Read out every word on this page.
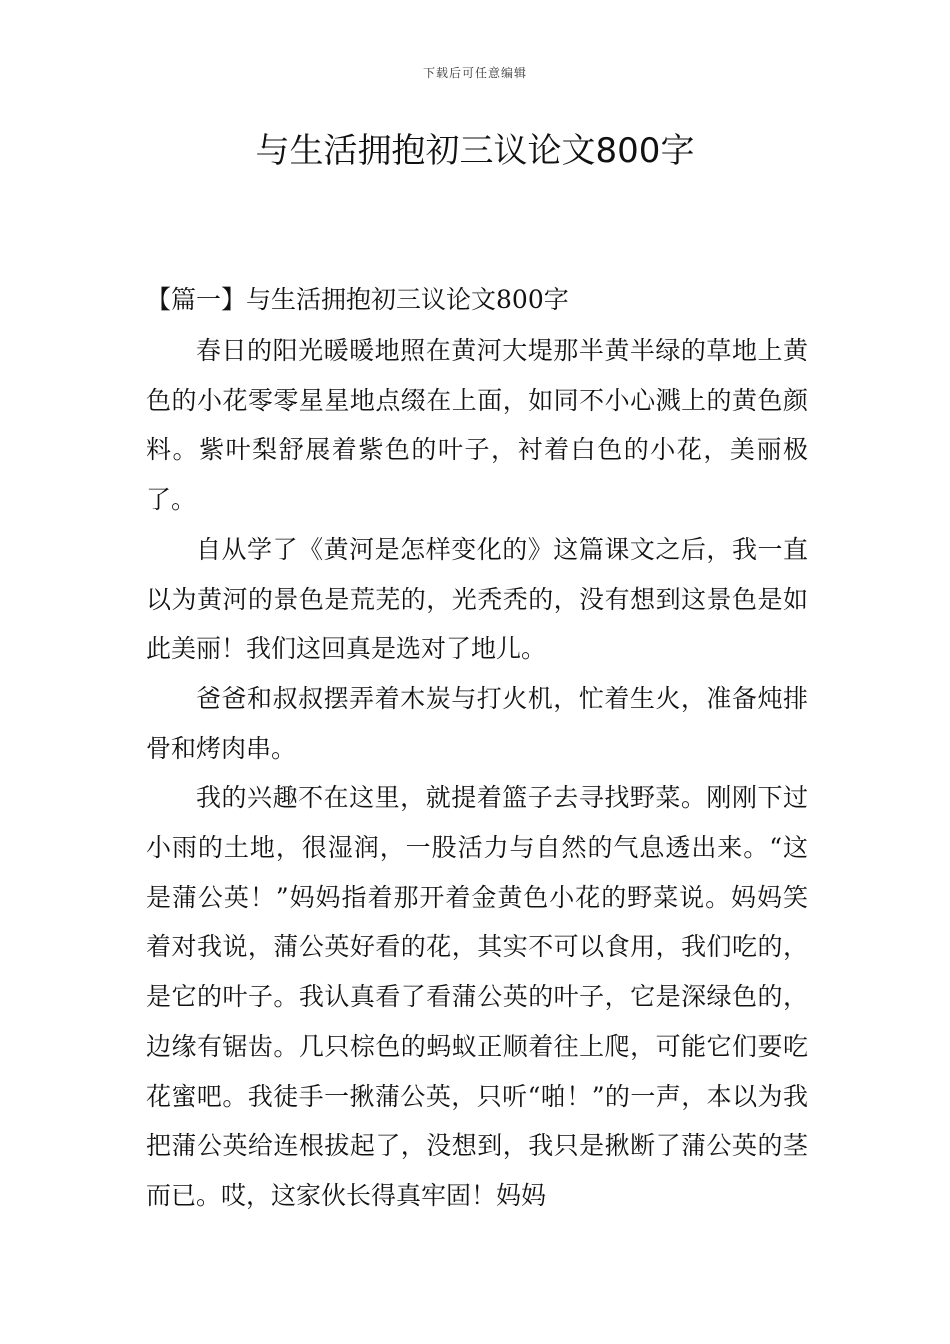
下载后可任意编辑
与生活拥抱初三议论文800字
【篇一】与生活拥抱初三议论文800字

春日的阳光暖暖地照在黄河大堤那半黄半绿的草地上黄色的小花零零星星地点缀在上面，如同不小心溅上的黄色颜料。紫叶梨舒展着紫色的叶子，衬着白色的小花，美丽极了。

自从学了《黄河是怎样变化的》这篇课文之后，我一直以为黄河的景色是荒芜的，光秃秃的，没有想到这景色是如此美丽！我们这回真是选对了地儿。

爸爸和叔叔摆弄着木炭与打火机，忙着生火，准备炖排骨和烤肉串。

我的兴趣不在这里，就提着篮子去寻找野菜。刚刚下过小雨的土地，很湿润，一股活力与自然的气息透出来。“这是蒲公英！”妈妈指着那开着金黄色小花的野菜说。妈妈笑着对我说，蒲公英好看的花，其实不可以食用，我们吃的，是它的叶子。我认真看了看蒲公英的叶子，它是深绿色的，边缘有锯齿。几只棕色的蚂蚁正顺着往上爬，可能它们要吃花蜜吧。我徒手一揪蒲公英，只听“啪！”的一声，本以为我把蒲公英给连根拔起了，没想到，我只是揪断了蒲公英的茎而已。哎，这家伙长得真牢固！妈妈
